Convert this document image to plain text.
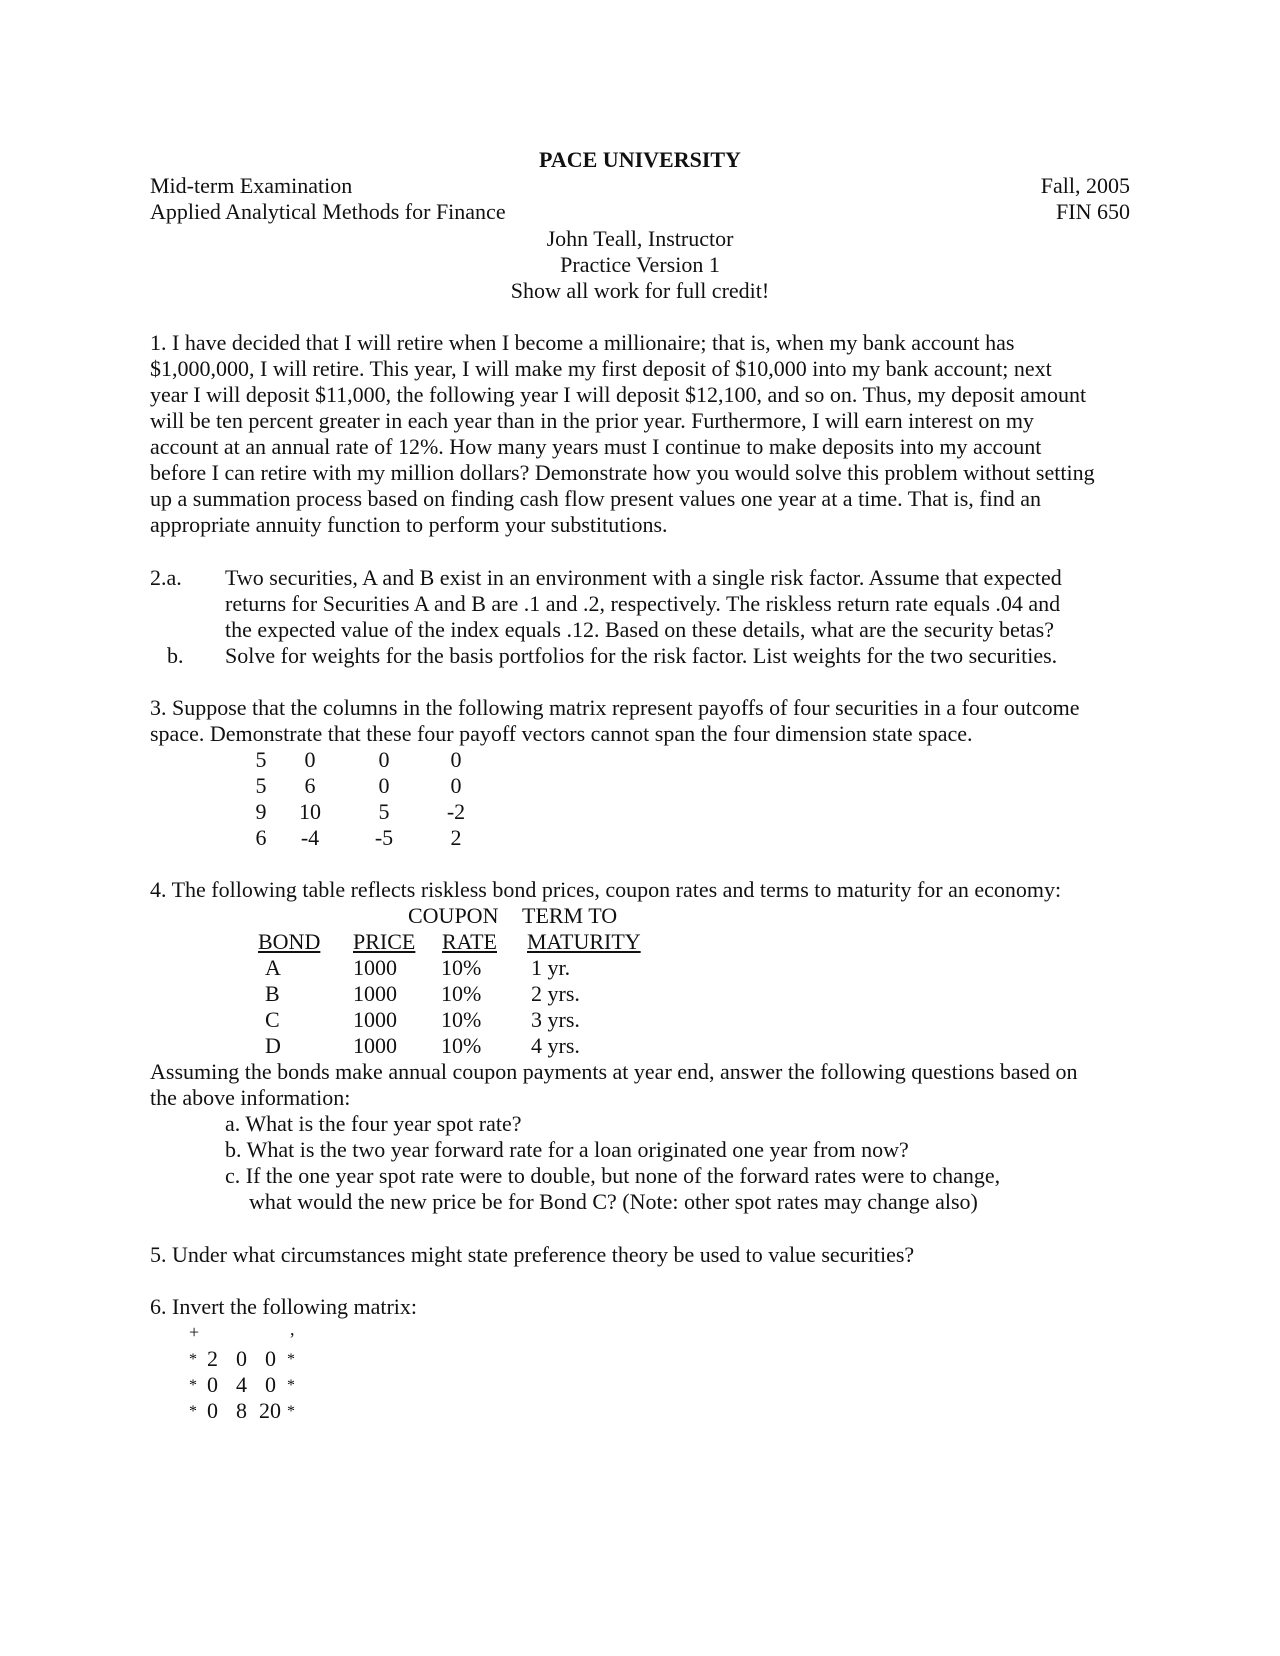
PACE UNIVERSITY
Mid-term Examination
Applied Analytical Methods for Finance
Fall, 2005
FIN 650
John Teall, Instructor
Practice Version 1
Show all work for full credit!
1. I have decided that I will retire when I become a millionaire; that is, when my bank account has
$1,000,000, I will retire. This year, I will make my first deposit of $10,000 into my bank account; next
year I will deposit $11,000, the following year I will deposit $12,100, and so on. Thus, my deposit amount
will be ten percent greater in each year than in the prior year. Furthermore, I will earn interest on my
account at an annual rate of 12%. How many years must I continue to make deposits into my account
before I can retire with my million dollars? Demonstrate how you would solve this problem without setting
up a summation process based on finding cash flow present values one year at a time. That is, find an
appropriate annuity function to perform your substitutions.
2.a. Two securities, A and B exist in an environment with a single risk factor. Assume that expected
returns for Securities A and B are .1 and .2, respectively. The riskless return rate equals .04 and
the expected value of the index equals .12. Based on these details, what are the security betas?
b. Solve for weights for the basis portfolios for the risk factor. List weights for the two securities.
3. Suppose that the columns in the following matrix represent payoffs of four securities in a four outcome
space. Demonstrate that these four payoff vectors cannot span the four dimension state space.
5	0	0	0
5	6	0	0
9	10	5	-2
6	-4	-5	2
4. The following table reflects riskless bond prices, coupon rates and terms to maturity for an economy:
COUPON TERM TO
BOND PRICE RATE MATURITY
A	1000 10% 1 yr.
B	1000 10% 2 yrs.
C	1000 10% 3 yrs.
D	1000 10% 4 yrs.
Assuming the bonds make annual coupon payments at year end, answer the following questions based on
the above information:
a. What is the four year spot rate?
b. What is the two year forward rate for a loan originated one year from now?
c. If the one year spot rate were to double, but none of the forward rates were to change,
what would the new price be for Bond C? (Note: other spot rates may change also)
5. Under what circumstances might state preference theory be used to value securities?
6. Invert the following matrix:
+	,
* 2 0 0 *
* 0 4 0 *
* 0 8 20 *
